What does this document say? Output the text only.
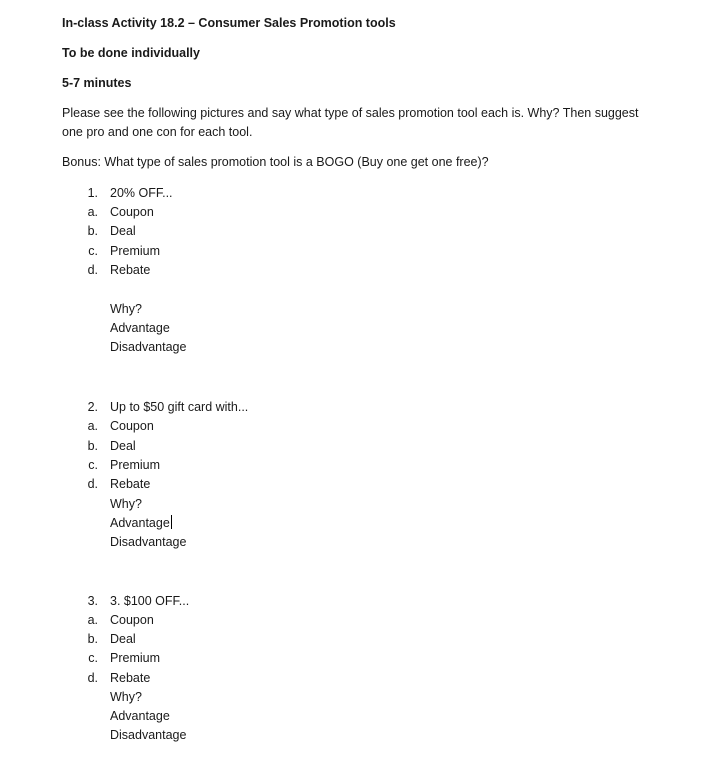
In-class Activity 18.2 – Consumer Sales Promotion tools
To be done individually
5-7 minutes
Please see the following pictures and say what type of sales promotion tool each is. Why? Then suggest
one pro and one con for each tool.
Bonus: What type of sales promotion tool is a BOGO (Buy one get one free)?
1. 20% OFF...
a. Coupon
b. Deal
c. Premium
d. Rebate
Why?
Advantage
Disadvantage
2. Up to $50 gift card with...
a. Coupon
b. Deal
c. Premium
d. Rebate
Why?
Advantage
Disadvantage
3. 3. $100 OFF...
a. Coupon
b. Deal
c. Premium
d. Rebate
Why?
Advantage
Disadvantage
